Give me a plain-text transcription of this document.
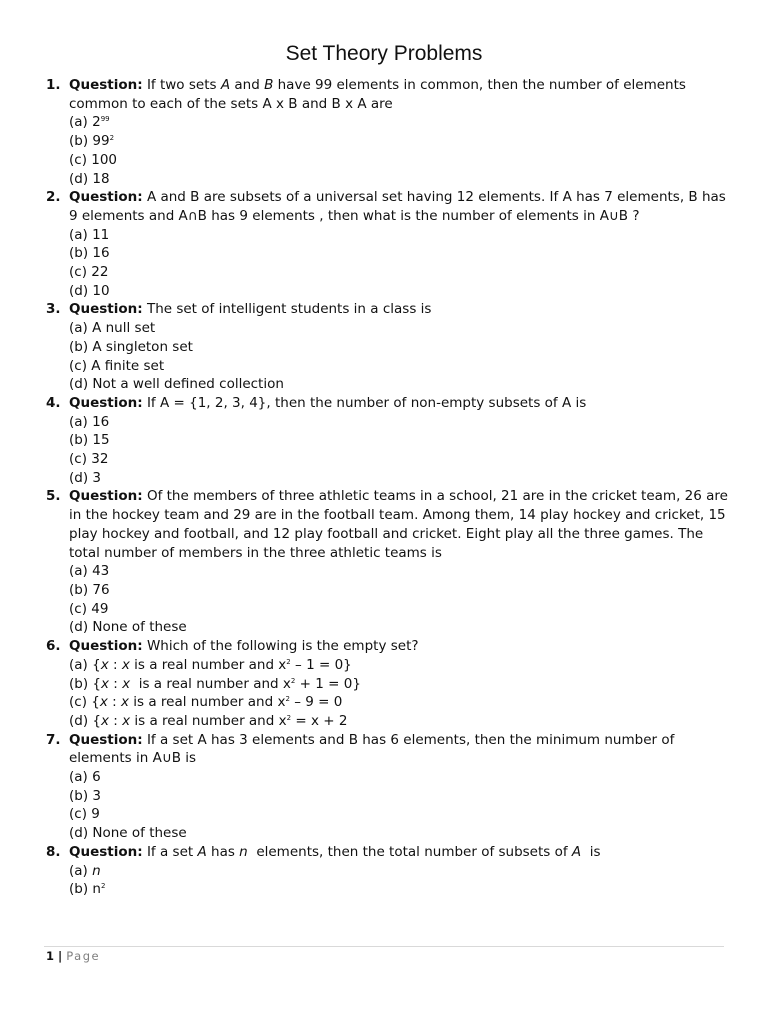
Set Theory Problems
1. Question: If two sets A and B have 99 elements in common, then the number of elements common to each of the sets A x B and B x A are
(a) $2^{99}$
(b) $99^2$
(c) 100
(d) 18
2. Question: A and B are subsets of a universal set having 12 elements. If A has 7 elements, B has 9 elements and A∩B has 9 elements , then what is the number of elements in A∪B ?
(a) 11
(b) 16
(c) 22
(d) 10
3. Question: The set of intelligent students in a class is
(a) A null set
(b) A singleton set
(c) A finite set
(d) Not a well defined collection
4. Question: If A = {1, 2, 3, 4}, then the number of non-empty subsets of A is
(a) 16
(b) 15
(c) 32
(d) 3
5. Question: Of the members of three athletic teams in a school, 21 are in the cricket team, 26 are in the hockey team and 29 are in the football team. Among them, 14 play hockey and cricket, 15 play hockey and football, and 12 play football and cricket. Eight play all the three games. The total number of members in the three athletic teams is
(a) 43
(b) 76
(c) 49
(d) None of these
6. Question: Which of the following is the empty set?
(a) {x : x is a real number and $x^2 - 1 = 0$}
(b) {x : x  is a real number and $x^2 + 1 = 0$}
(c) {x : x is a real number and $x^2 - 9 = 0$
(d) {x : x is a real number and $x^2 = x + 2$
7. Question: If a set A has 3 elements and B has 6 elements, then the minimum number of elements in A∪B is
(a) 6
(b) 3
(c) 9
(d) None of these
8. Question: If a set A has n  elements, then the total number of subsets of A  is
(a) n
(b) $n^2$
1 | Page
